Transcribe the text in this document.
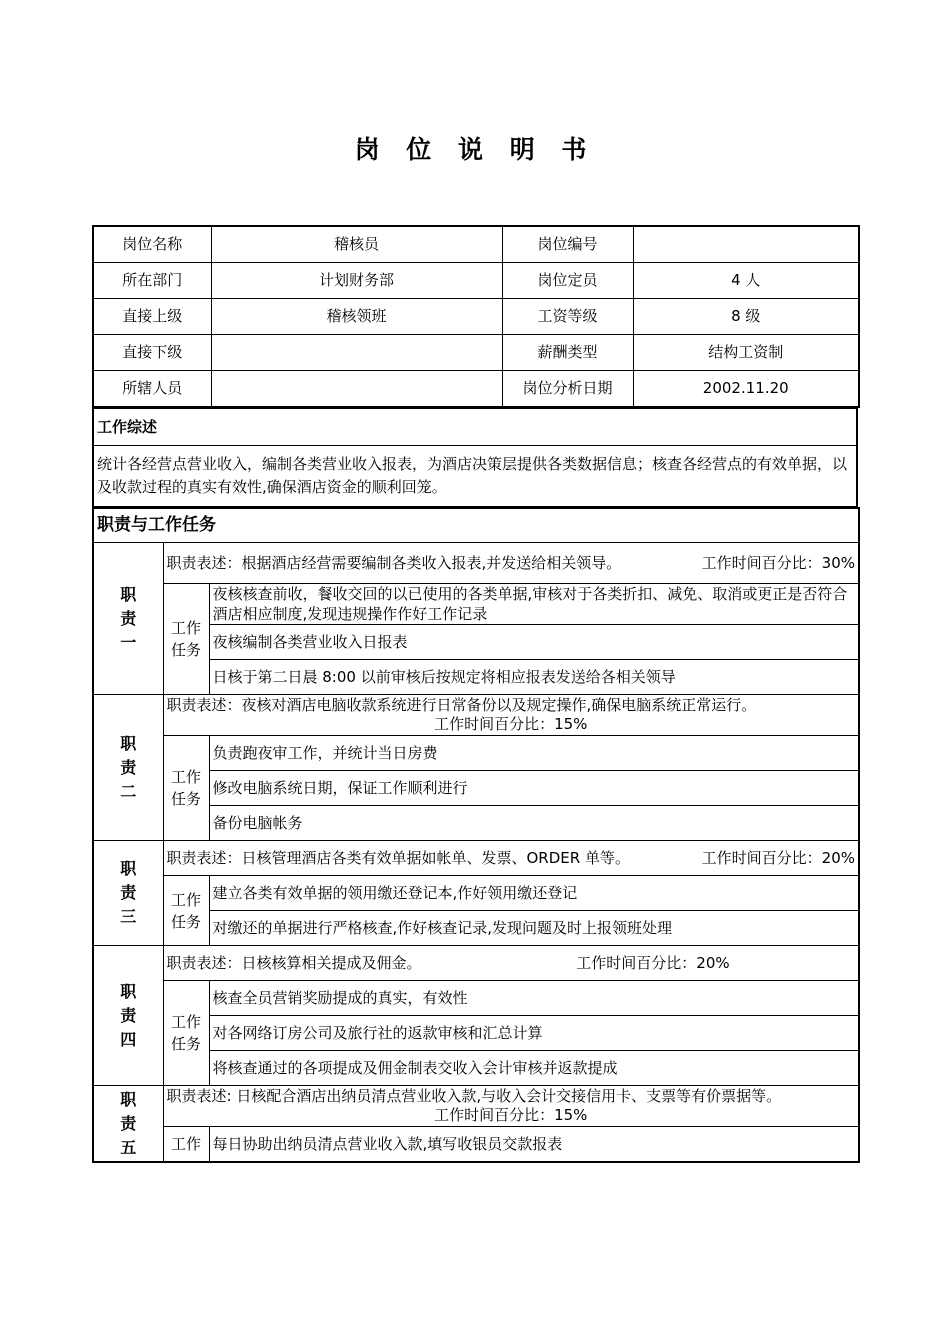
岗 位 说 明 书
岗位名称	稽核员	岗位编号	
所在部门	计划财务部	岗位定员	4 人
直接上级	稽核领班	工资等级	8 级
直接下级		薪酬类型	结构工资制
所辖人员		岗位分析日期	2002.11.20
工作综述
统计各经营点营业收入，编制各类营业收入报表，为酒店决策层提供各类数据信息；核查各经营点的有效单据，以及收款过程的真实有效性,确保酒店资金的顺利回笼。
职责与工作任务		
职责一	职责表述：根据酒店经营需要编制各类收入报表,并发送给相关领导。 工作时间百分比：30%	

	工作任务	夜核核查前收，餐收交回的以已使用的各类单据,审核对于各类折扣、减免、取消或更正是否符合酒店相应制度,发现违规操作作好工作记录
		夜核编制各类营业收入日报表
		日核于第二日晨 8:00 以前审核后按规定将相应报表发送给各相关领导
职责二	职责表述：夜核对酒店电脑收款系统进行日常备份以及规定操作,确保电脑系统正常运行。
工作时间百分比：15%	

	工作任务	负责跑夜审工作，并统计当日房费
		修改电脑系统日期，保证工作顺利进行
		备份电脑帐务
职责三	职责表述：日核管理酒店各类有效单据如帐单、发票、ORDER 单等。 工作时间百分比：20%	

	工作任务	建立各类有效单据的领用缴还登记本,作好领用缴还登记
		对缴还的单据进行严格核查,作好核查记录,发现问题及时上报领班处理
职责四	职责表述：日核核算相关提成及佣金。 工作时间百分比：20%	
	工作任务	核查全员营销奖励提成的真实，有效性
		对各网络订房公司及旅行社的返款审核和汇总计算
		将核查通过的各项提成及佣金制表交收入会计审核并返款提成
职责五	职责表述: 日核配合酒店出纳员清点营业收入款,与收入会计交接信用卡、支票等有价票据等。
工作时间百分比：15%	

	工作	每日协助出纳员清点营业收入款,填写收银员交款报表
